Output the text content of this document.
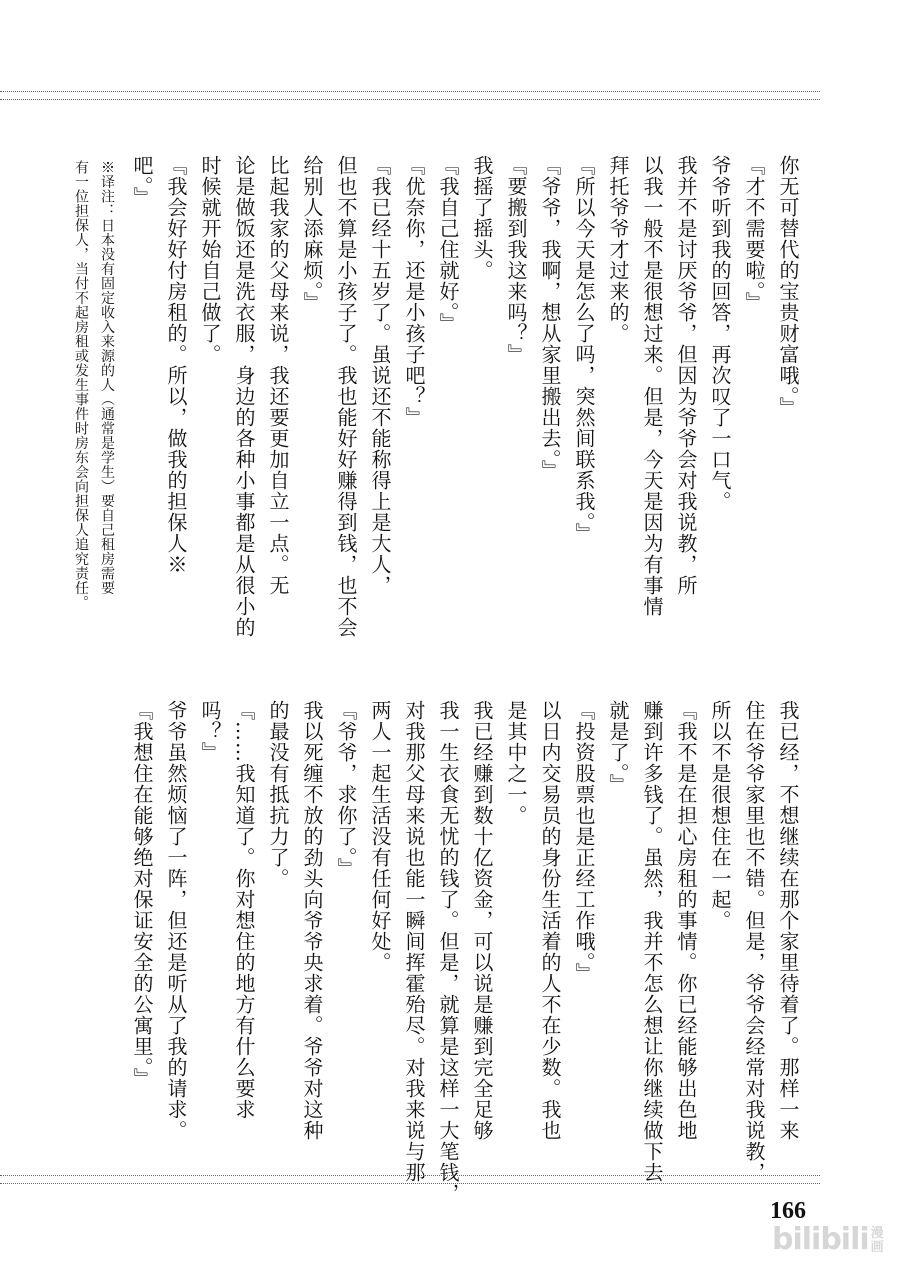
你无可替代的宝贵财富哦。』
『才不需要啦。』
爷爷听到我的回答，再次叹了一口气。
我并不是讨厌爷爷，但因为爷爷会对我说教，所
以我一般不是很想过来。但是，今天是因为有事情
拜托爷爷才过来的。
『所以今天是怎么了吗，突然间联系我。』
『爷爷，我啊，想从家里搬出去。』
『要搬到我这来吗？』
我摇了摇头。
『我自己住就好。』
『优奈你，还是小孩子吧？』
『我已经十五岁了。虽说还不能称得上是大人，
但也不算是小孩子了。我也能好好赚得到钱，也不会
给别人添麻烦。』
比起我家的父母来说，我还要更加自立一点。无
论是做饭还是洗衣服，身边的各种小事都是从很小的
时候就开始自己做了。
『我会好好付房租的。所以，做我的担保人※
吧。』
※译注：日本没有固定收入来源的人（通常是学生）要自己租房需要
有一位担保人，当付不起房租或发生事件时房东会向担保人追究责任。
我已经，不想继续在那个家里待着了。那样一来
住在爷爷家里也不错。但是，爷爷会经常对我说教，
所以不是很想住在一起。
『我不是在担心房租的事情。你已经能够出色地
赚到许多钱了。虽然，我并不怎么想让你继续做下去
就是了。』
『投资股票也是正经工作哦。』
以日内交易员的身份生活着的人不在少数。我也
是其中之一。
我已经赚到数十亿资金，可以说是赚到完全足够
我一生衣食无忧的钱了。但是，就算是这样一大笔钱，
对我那父母来说也能一瞬间挥霍殆尽。对我来说与那
两人一起生活没有任何好处。
『爷爷，求你了。』
我以死缠不放的劲头向爷爷央求着。爷爷对这种
的最没有抵抗力了。
『……我知道了。你对想住的地方有什么要求
吗？』
爷爷虽然烦恼了一阵，但还是听从了我的请求。
『我想住在能够绝对保证安全的公寓里。』
166
bilibili 漫画
